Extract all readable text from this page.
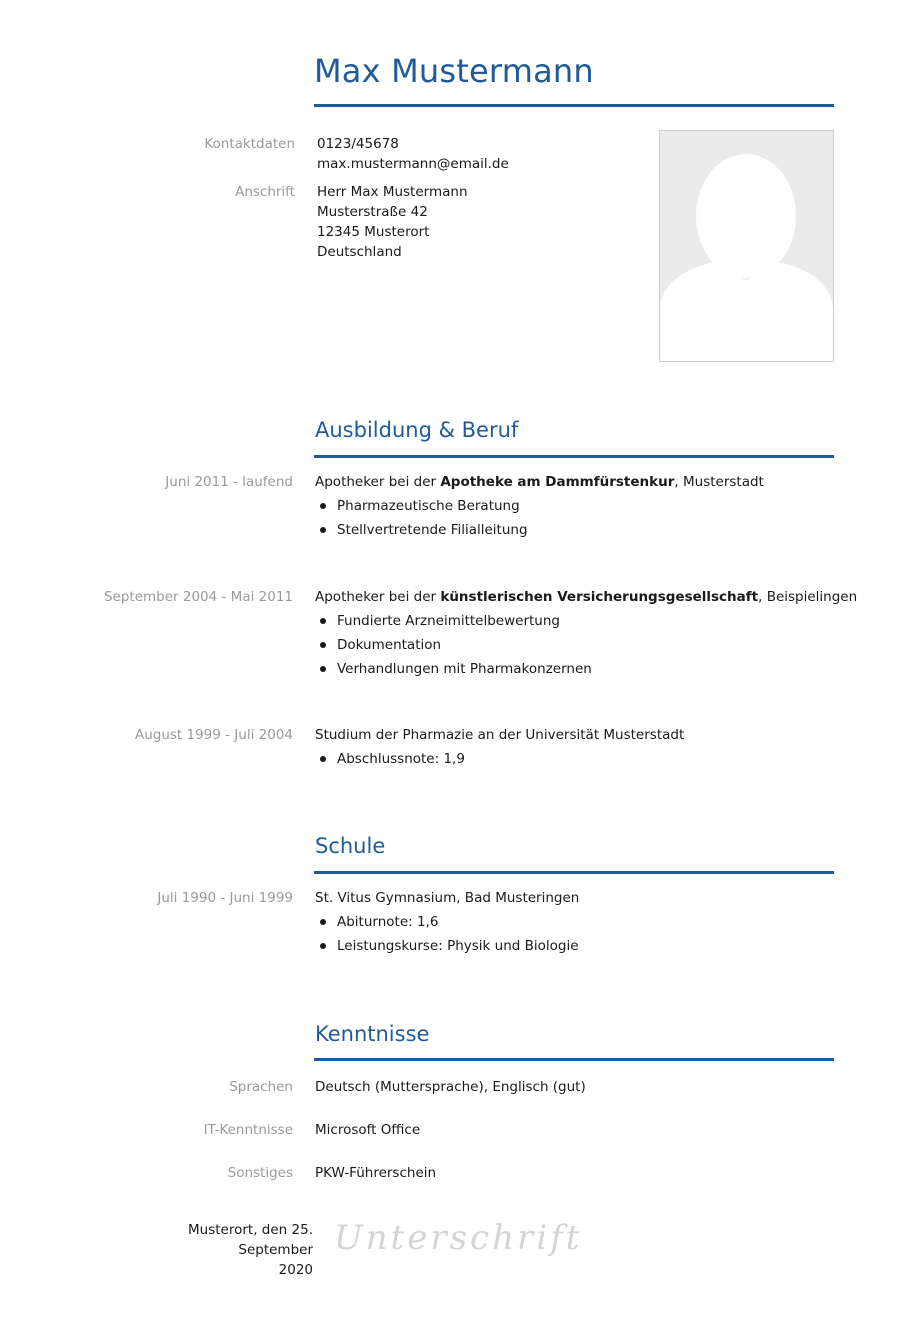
Max Mustermann
Kontaktdaten 0123/45678
max.mustermann@email.de
Anschrift Herr Max Mustermann
Musterstraße 42
12345 Musterort
Deutschland
Ausbildung & Beruf
Juni 2011 - laufend Apotheker bei der Apotheke am Dammfürstenkur, Musterstadt
Pharmazeutische Beratung
Stellvertretende Filialleitung
September 2004 - Mai 2011 Apotheker bei der künstlerischen Versicherungsgesellschaft, Beispielingen
Fundierte Arzneimittelbewertung
Dokumentation
Verhandlungen mit Pharmakonzernen
August 1999 - Juli 2004 Studium der Pharmazie an der Universität Musterstadt
Abschlussnote: 1,9
Schule
Juli 1990 - Juni 1999 St. Vitus Gymnasium, Bad Musteringen
Abiturnote: 1,6
Leistungskurse: Physik und Biologie
Kenntnisse
Sprachen Deutsch (Muttersprache), Englisch (gut)
IT-Kenntnisse Microsoft Office
Sonstiges PKW-Führerschein
Musterort, den 25. September
2020
Unterschrift
